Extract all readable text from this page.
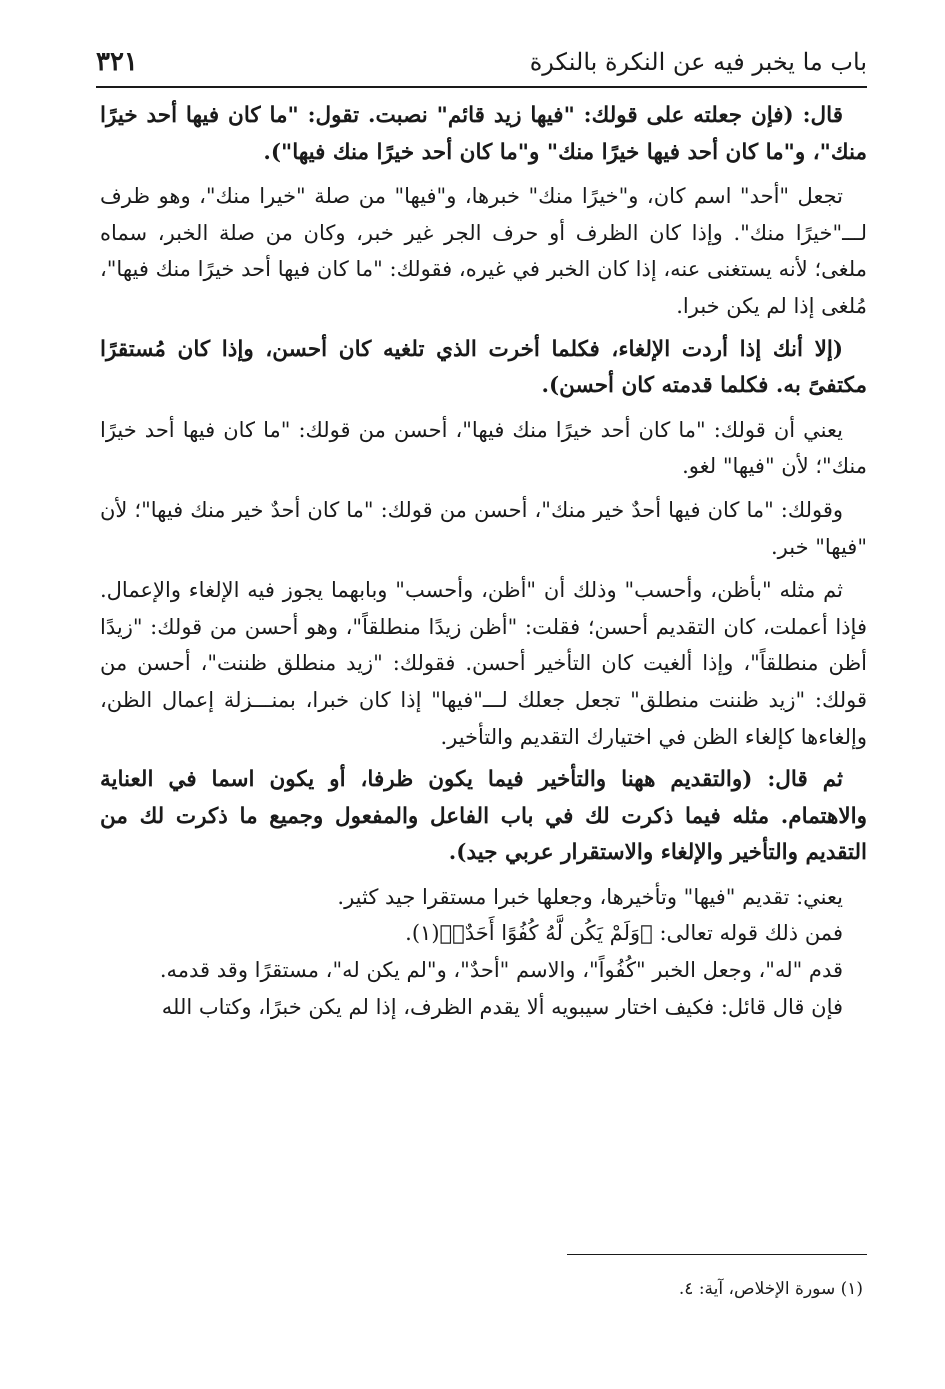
باب ما يخبر فيه عن النكرة بالنكرة
٣٢١

قال: (فإن جعلته على قولك: "فيها زيد قائم" نصبت. تقول: "ما كان فيها أحد خيرًا منك"، و"ما كان أحد فيها خيرًا منك" و"ما كان أحد خيرًا منك فيها").

تجعل "أحد" اسم كان، و"خيرًا منك" خبرها، و"فيها" من صلة "خيرا منك"، وهو ظرف لـــ"خيرًا منك". وإذا كان الظرف أو حرف الجر غير خبر، وكان من صلة الخبر، سماه ملغى؛ لأنه يستغنى عنه، إذا كان الخبر في غيره، فقولك: "ما كان فيها أحد خيرًا منك فيها"، مُلغى إذا لم يكن خبرا.

(إلا أنك إذا أردت الإلغاء، فكلما أخرت الذي تلغيه كان أحسن، وإذا كان مُستقرًا مكتفىً به. فكلما قدمته كان أحسن).

يعني أن قولك: "ما كان أحد خيرًا منك فيها"، أحسن من قولك: "ما كان فيها أحد خيرًا منك"؛ لأن "فيها" لغو.

وقولك: "ما كان فيها أحدٌ خير منك"، أحسن من قولك: "ما كان أحدٌ خير منك فيها"؛ لأن "فيها" خبر.

ثم مثله "بأظن، وأحسب" وذلك أن "أظن، وأحسب" وبابهما يجوز فيه الإلغاء والإعمال. فإذا أعملت، كان التقديم أحسن؛ فقلت: "أظن زيدًا منطلقاً"، وهو أحسن من قولك: "زيدًا أظن منطلقاً"، وإذا ألغيت كان التأخير أحسن. فقولك: "زيد منطلق ظننت"، أحسن من قولك: "زيد ظننت منطلق" تجعل جعلك لـــ"فيها" إذا كان خبرا، بمنـــزلة إعمال الظن، وإلغاءها كإلغاء الظن في اختيارك التقديم والتأخير.

ثم قال: (والتقديم ههنا والتأخير فيما يكون ظرفا، أو يكون اسما في العناية والاهتمام. مثله فيما ذكرت لك في باب الفاعل والمفعول وجميع ما ذكرت لك من التقديم والتأخير والإلغاء والاستقرار عربي جيد).

يعني: تقديم "فيها" وتأخيرها، وجعلها خبرا مستقرا جيد كثير.

فمن ذلك قوله تعالى: ﴿وَلَمْ يَكُن لَّهُ كُفُوًا أَحَدٌۢ﴾(١).

قدم "له"، وجعل الخبر "كُفُواً"، والاسم "أحدٌ"، و"لم يكن له"، مستقرًا وقد قدمه.

فإن قال قائل: فكيف اختار سيبويه ألا يقدم الظرف، إذا لم يكن خبرًا، وكتاب الله

(١) سورة الإخلاص، آية: ٤.
